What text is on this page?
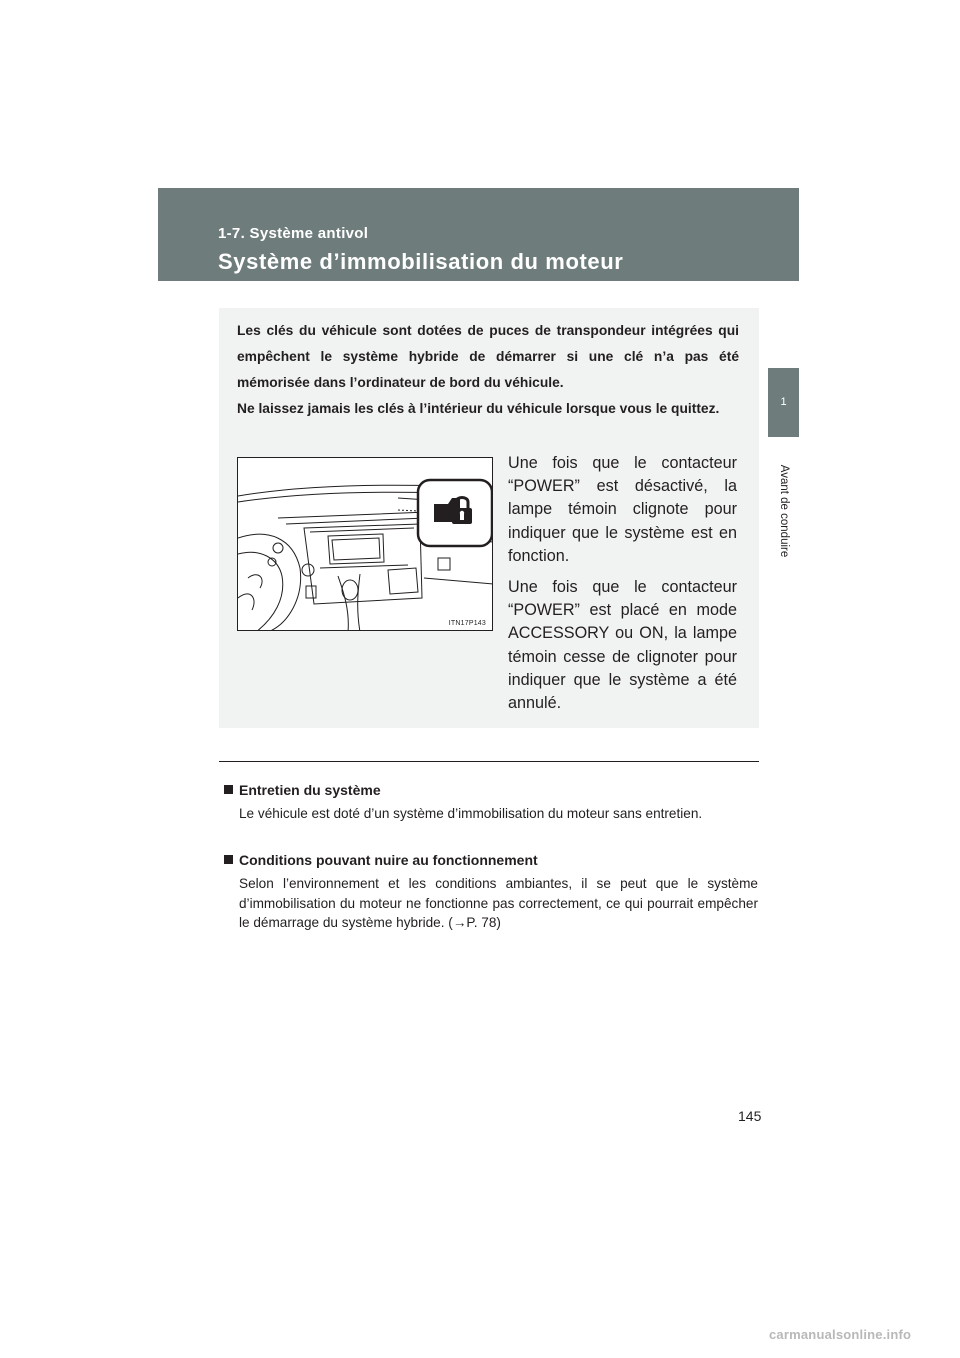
1-7. Système antivol
Système d’immobilisation du moteur
1
Avant de conduire

Les clés du véhicule sont dotées de puces de transpondeur intégrées qui empêchent le système hybride de démarrer si une clé n’a pas été mémorisée dans l’ordinateur de bord du véhicule.

Ne laissez jamais les clés à l’intérieur du véhicule lorsque vous le quittez.

ITN17P143

Une fois que le contacteur “POWER” est désactivé, la lampe témoin clignote pour indiquer que le système est en fonction.

Une fois que le contacteur “POWER” est placé en mode ACCESSORY ou ON, la lampe témoin cesse de clignoter pour indiquer que le système a été annulé.

Entretien du système
Le véhicule est doté d’un système d’immobilisation du moteur sans entretien.
Conditions pouvant nuire au fonctionnement
Selon l’environnement et les conditions ambiantes, il se peut que le système d’immobilisation du moteur ne fonctionne pas correctement, ce qui pourrait empêcher le démarrage du système hybride. (→P. 78)
145
carmanualsonline.info
